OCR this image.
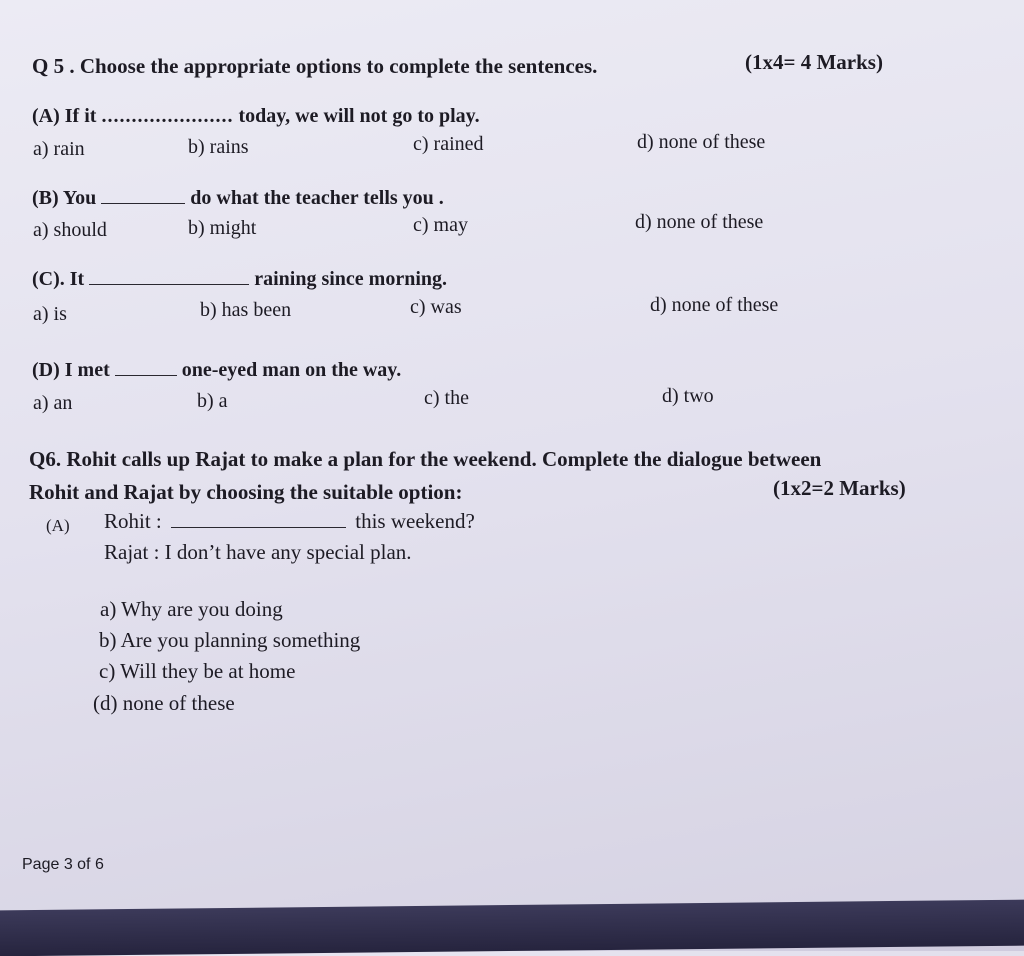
Q 5 . Choose the appropriate options to complete the sentences.	(1x4= 4 Marks)
(A) If it ...................... today, we will not go to play.
a) rain	b) rains	c) rained	d) none of these
(B) You	do what the teacher tells you .
a) should	b) might	c) may	d) none of these
(C). It	raining since morning.
a) is	b) has been	c) was	d) none of these
(D) I met	one-eyed man on the way.
a) an	b) a	c) the	d) two
Q6. Rohit calls up Rajat to make a plan for the weekend. Complete the dialogue between
Rohit and Rajat by choosing the suitable option:	(1x2=2 Marks)
(A) Rohit :	this weekend?
Rajat : I don’t have any special plan.
a) Why are you doing
b) Are you planning something
c) Will they be at home
(d) none of these
Page 3 of 6
